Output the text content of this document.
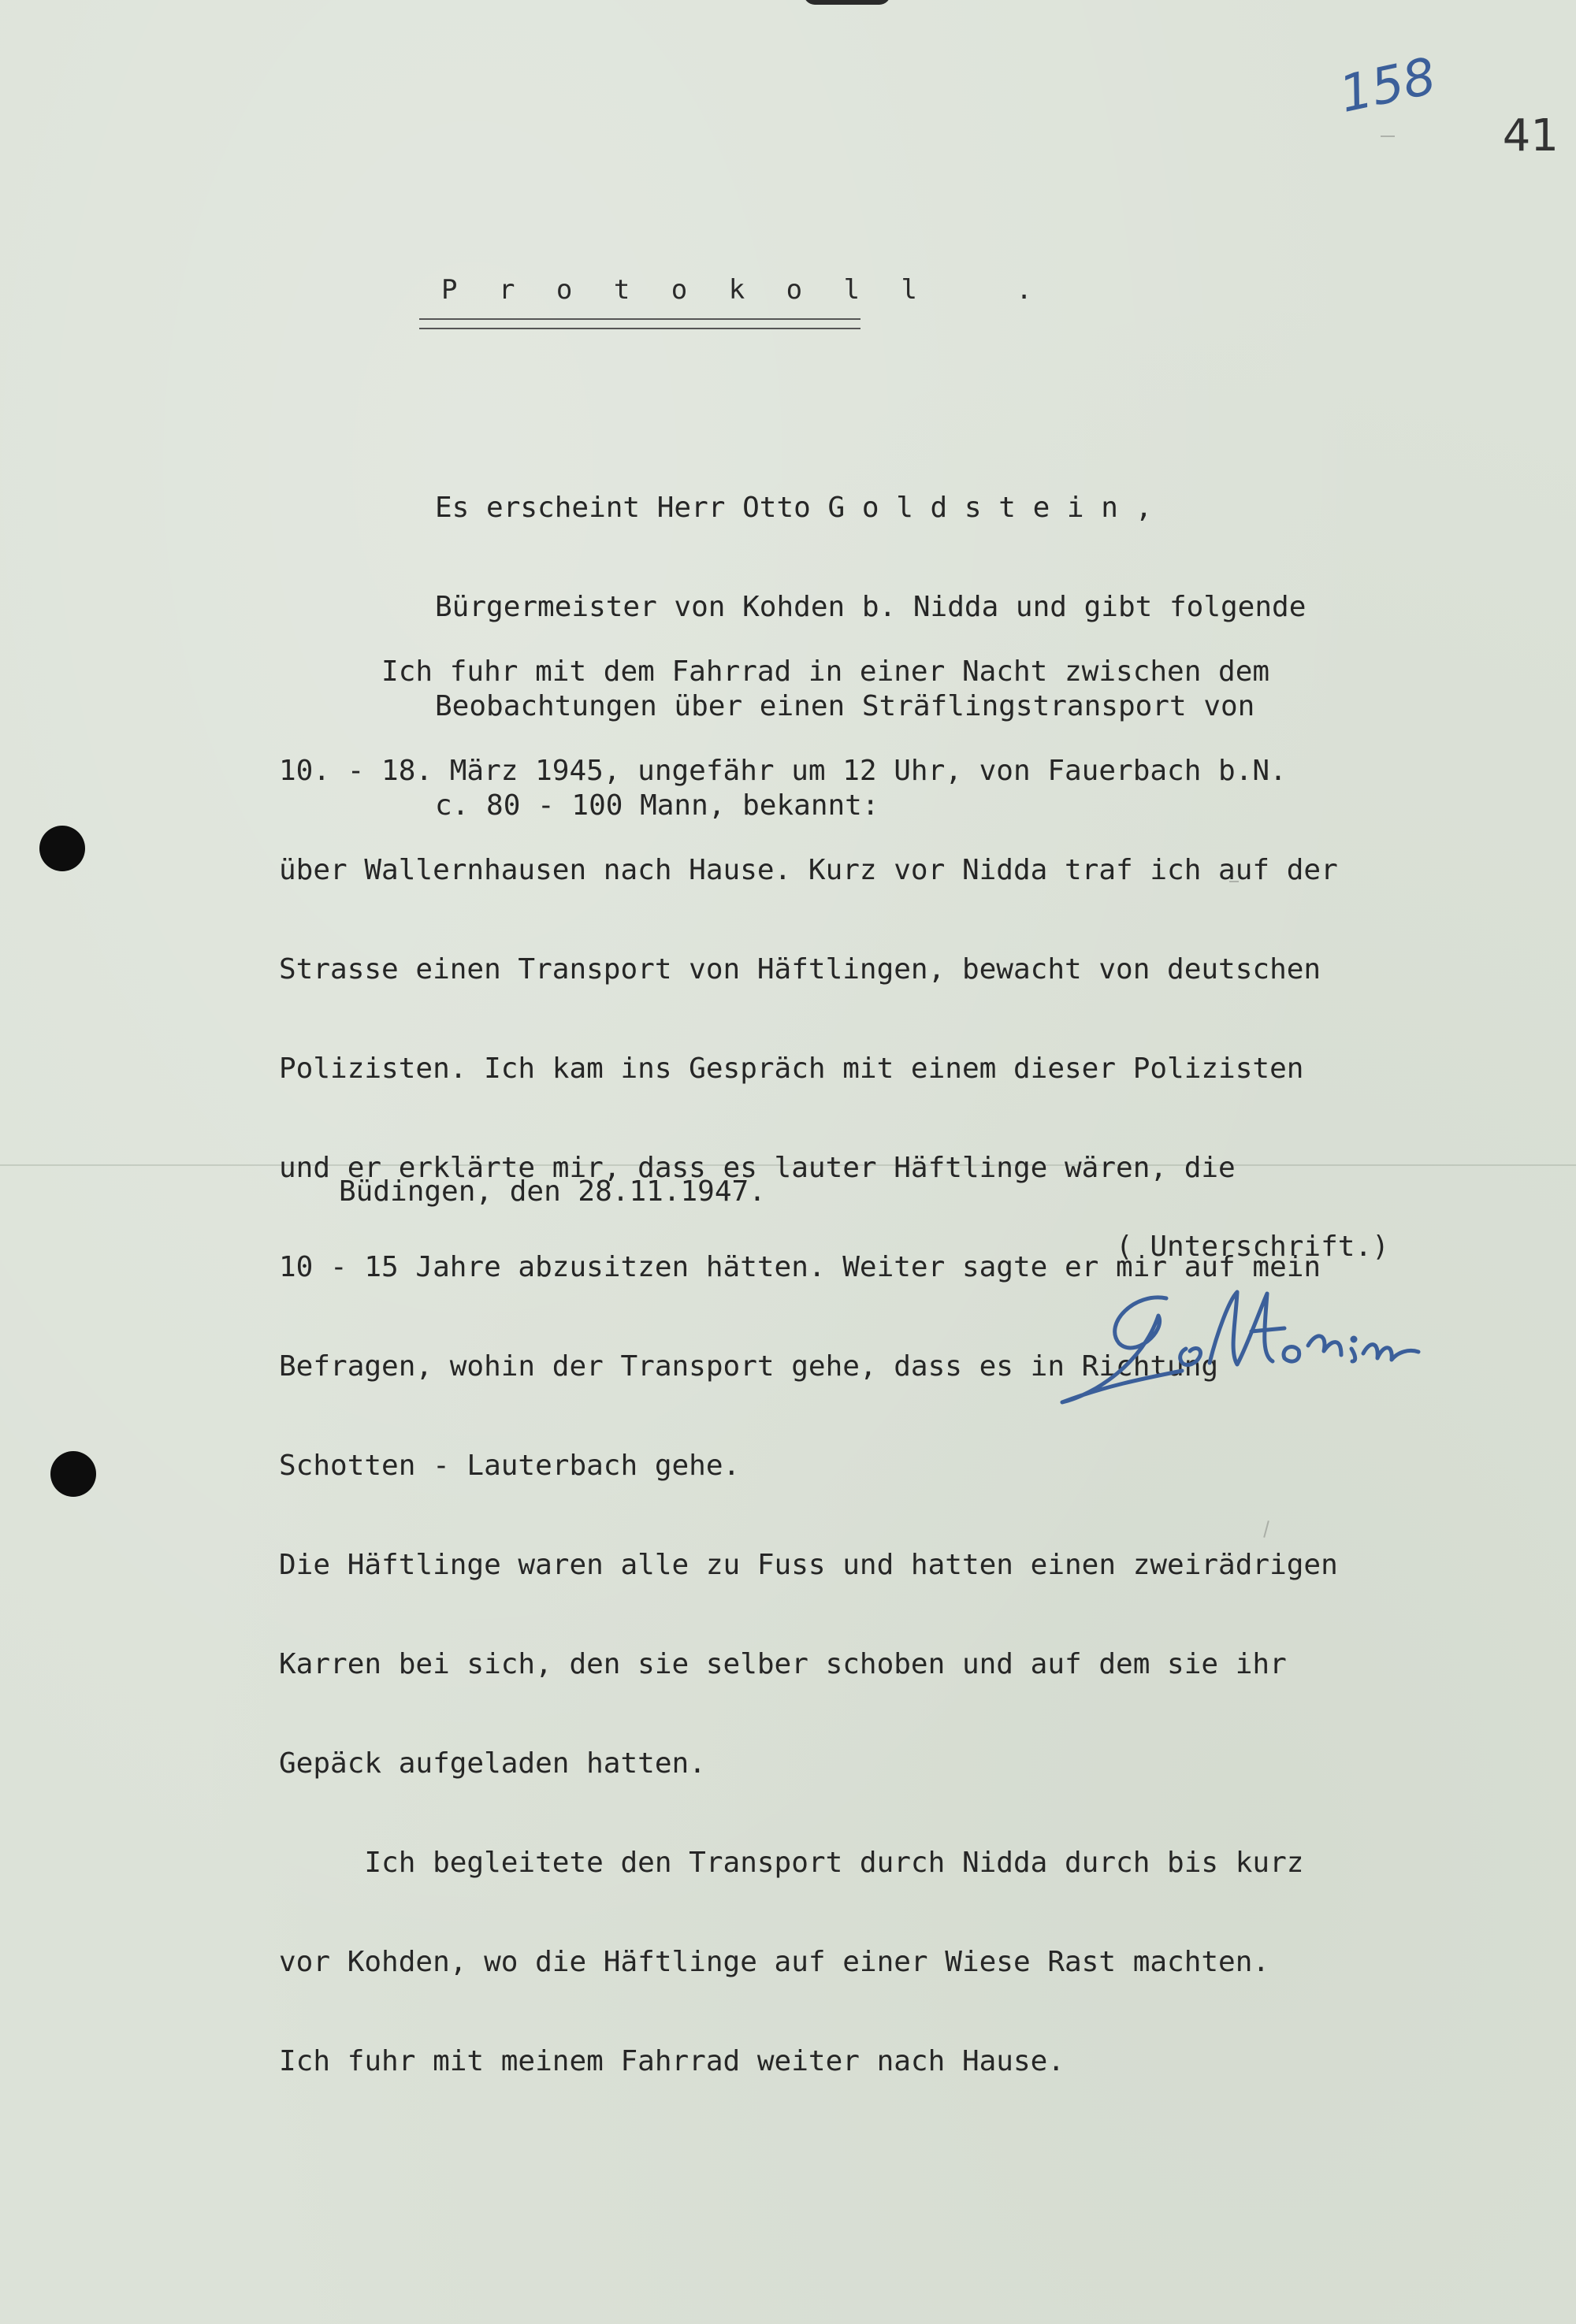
158
41
P r o t o k o l l   .

Es erscheint Herr Otto G o l d s t e i n ,

Bürgermeister von Kohden b. Nidda und gibt folgende

Beobachtungen über einen Sträflingstransport von

c. 80 - 100 Mann, bekannt:

Ich fuhr mit dem Fahrrad in einer Nacht zwischen dem

10. - 18. März 1945, ungefähr um 12 Uhr, von Fauerbach b.N.

über Wallernhausen nach Hause. Kurz vor Nidda traf ich auf der

Strasse einen Transport von Häftlingen, bewacht von deutschen

Polizisten. Ich kam ins Gespräch mit einem dieser Polizisten

und er erklärte mir, dass es lauter Häftlinge wären, die

10 - 15 Jahre abzusitzen hätten. Weiter sagte er mir auf mein

Befragen, wohin der Transport gehe, dass es in Richtung

Schotten - Lauterbach gehe.

Die Häftlinge waren alle zu Fuss und hatten einen zweirädrigen

Karren bei sich, den sie selber schoben und auf dem sie ihr

Gepäck aufgeladen hatten.

Ich begleitete den Transport durch Nidda durch bis kurz

vor Kohden, wo die Häftlinge auf einer Wiese Rast machten.

Ich fuhr mit meinem Fahrrad weiter nach Hause.

Büdingen, den 28.11.1947.
( Unterschrift.)
